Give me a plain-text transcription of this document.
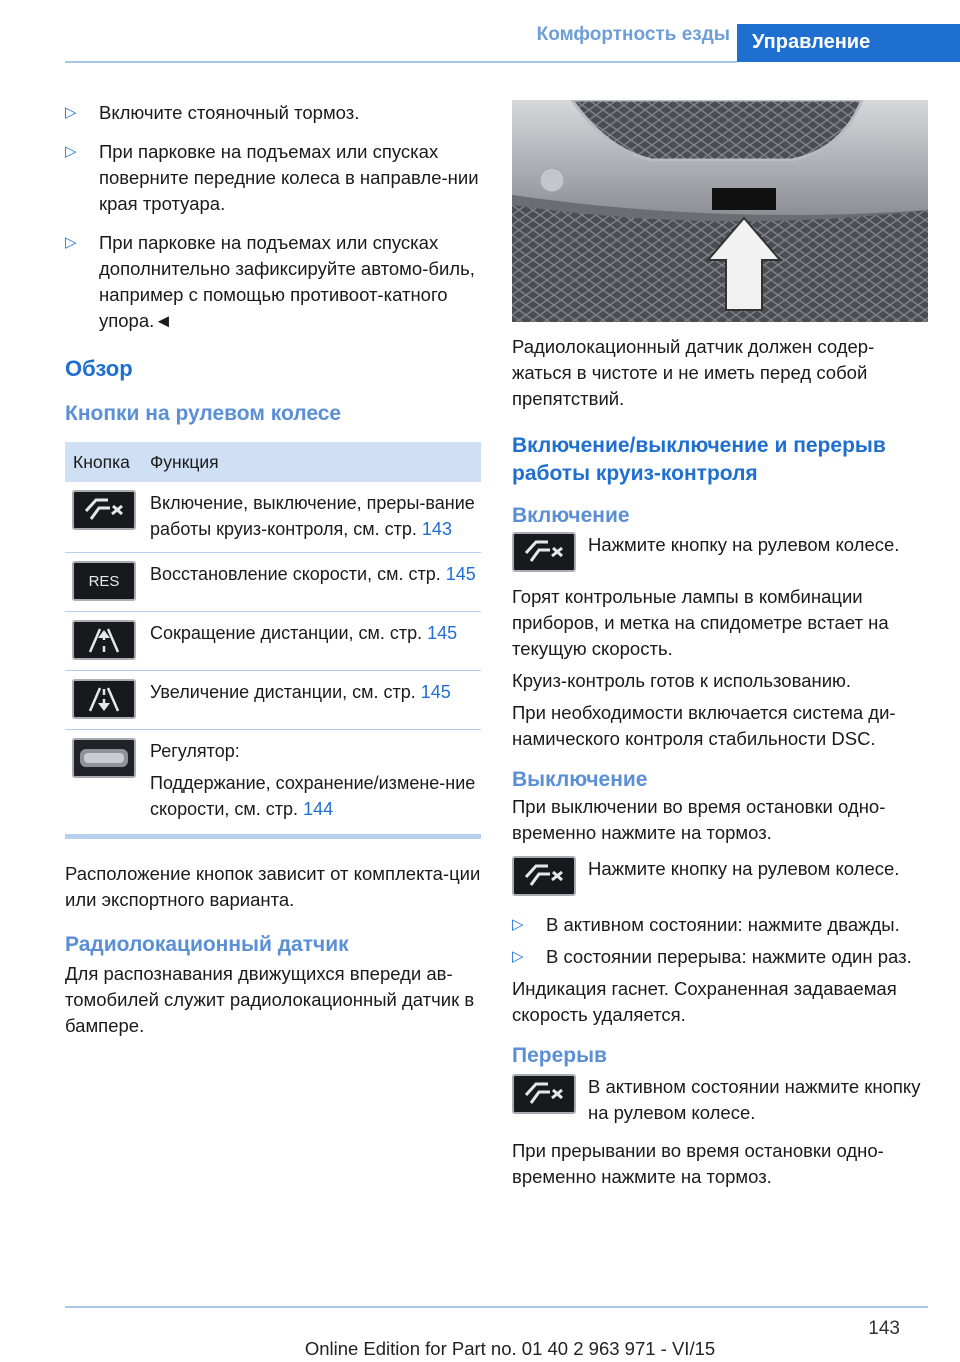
Комфортность езды	Управление
▷ Включите стояночный тормоз.
▷ При парковке на подъемах или спусках поверните передние колеса в направле-нии края тротуара.
▷ При парковке на подъемах или спусках дополнительно зафиксируйте автомо-биль, например с помощью противоот-катного упора.◄
Обзор
Кнопки на рулевом колесе
Кнопка	Функция
Включение, выключение, преры-вание работы круиз-контроля, см. стр. 143
RES	Восстановление скорости, см. стр. 145
Сокращение дистанции, см. стр. 145
Увеличение дистанции, см. стр. 145
Регулятор:
Поддержание, сохранение/измене-ние скорости, см. стр. 144
Расположение кнопок зависит от комплекта-ции или экспортного варианта.
Радиолокационный датчик
Для распознавания движущихся впереди ав-томобилей служит радиолокационный датчик в бампере.
Радиолокационный датчик должен содер-жаться в чистоте и не иметь перед собой препятствий.
Включение/выключение и перерыв работы круиз-контроля
Включение
Нажмите кнопку на рулевом колесе.
Горят контрольные лампы в комбинации приборов, и метка на спидометре встает на текущую скорость.
Круиз-контроль готов к использованию.
При необходимости включается система ди-намического контроля стабильности DSC.
Выключение
При выключении во время остановки одно-временно нажмите на тормоз.
Нажмите кнопку на рулевом колесе.
▷ В активном состоянии: нажмите дважды.
▷ В состоянии перерыва: нажмите один раз.
Индикация гаснет. Сохраненная задаваемая скорость удаляется.
Перерыв
В активном состоянии нажмите кнопку на рулевом колесе.
При прерывании во время остановки одно-временно нажмите на тормоз.
143
Online Edition for Part no. 01 40 2 963 971 - VI/15
